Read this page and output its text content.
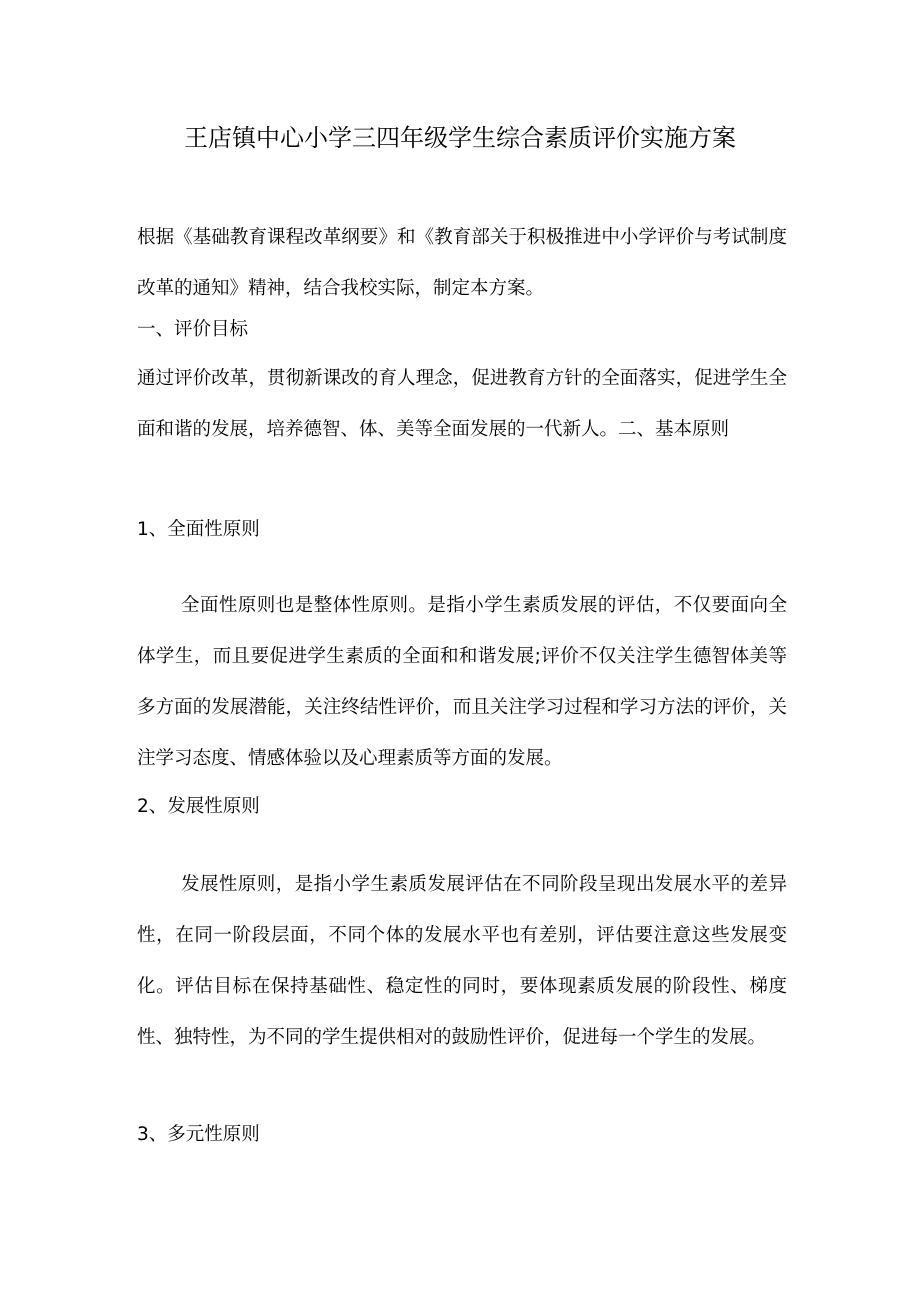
王店镇中心小学三四年级学生综合素质评价实施方案

根据《基础教育课程改革纲要》和《教育部关于积极推进中小学评价与考试制度改革的通知》精神，结合我校实际，制定本方案。

一、评价目标

通过评价改革，贯彻新课改的育人理念，促进教育方针的全面落实，促进学生全面和谐的发展，培养德智、体、美等全面发展的一代新人。二、基本原则

1、全面性原则

全面性原则也是整体性原则。是指小学生素质发展的评估，不仅要面向全体学生，而且要促进学生素质的全面和和谐发展;评价不仅关注学生德智体美等多方面的发展潜能，关注终结性评价，而且关注学习过程和学习方法的评价，关注学习态度、情感体验以及心理素质等方面的发展。

2、发展性原则

发展性原则，是指小学生素质发展评估在不同阶段呈现出发展水平的差异性，在同一阶段层面，不同个体的发展水平也有差别，评估要注意这些发展变化。评估目标在保持基础性、稳定性的同时，要体现素质发展的阶段性、梯度性、独特性，为不同的学生提供相对的鼓励性评价，促进每一个学生的发展。

3、多元性原则
